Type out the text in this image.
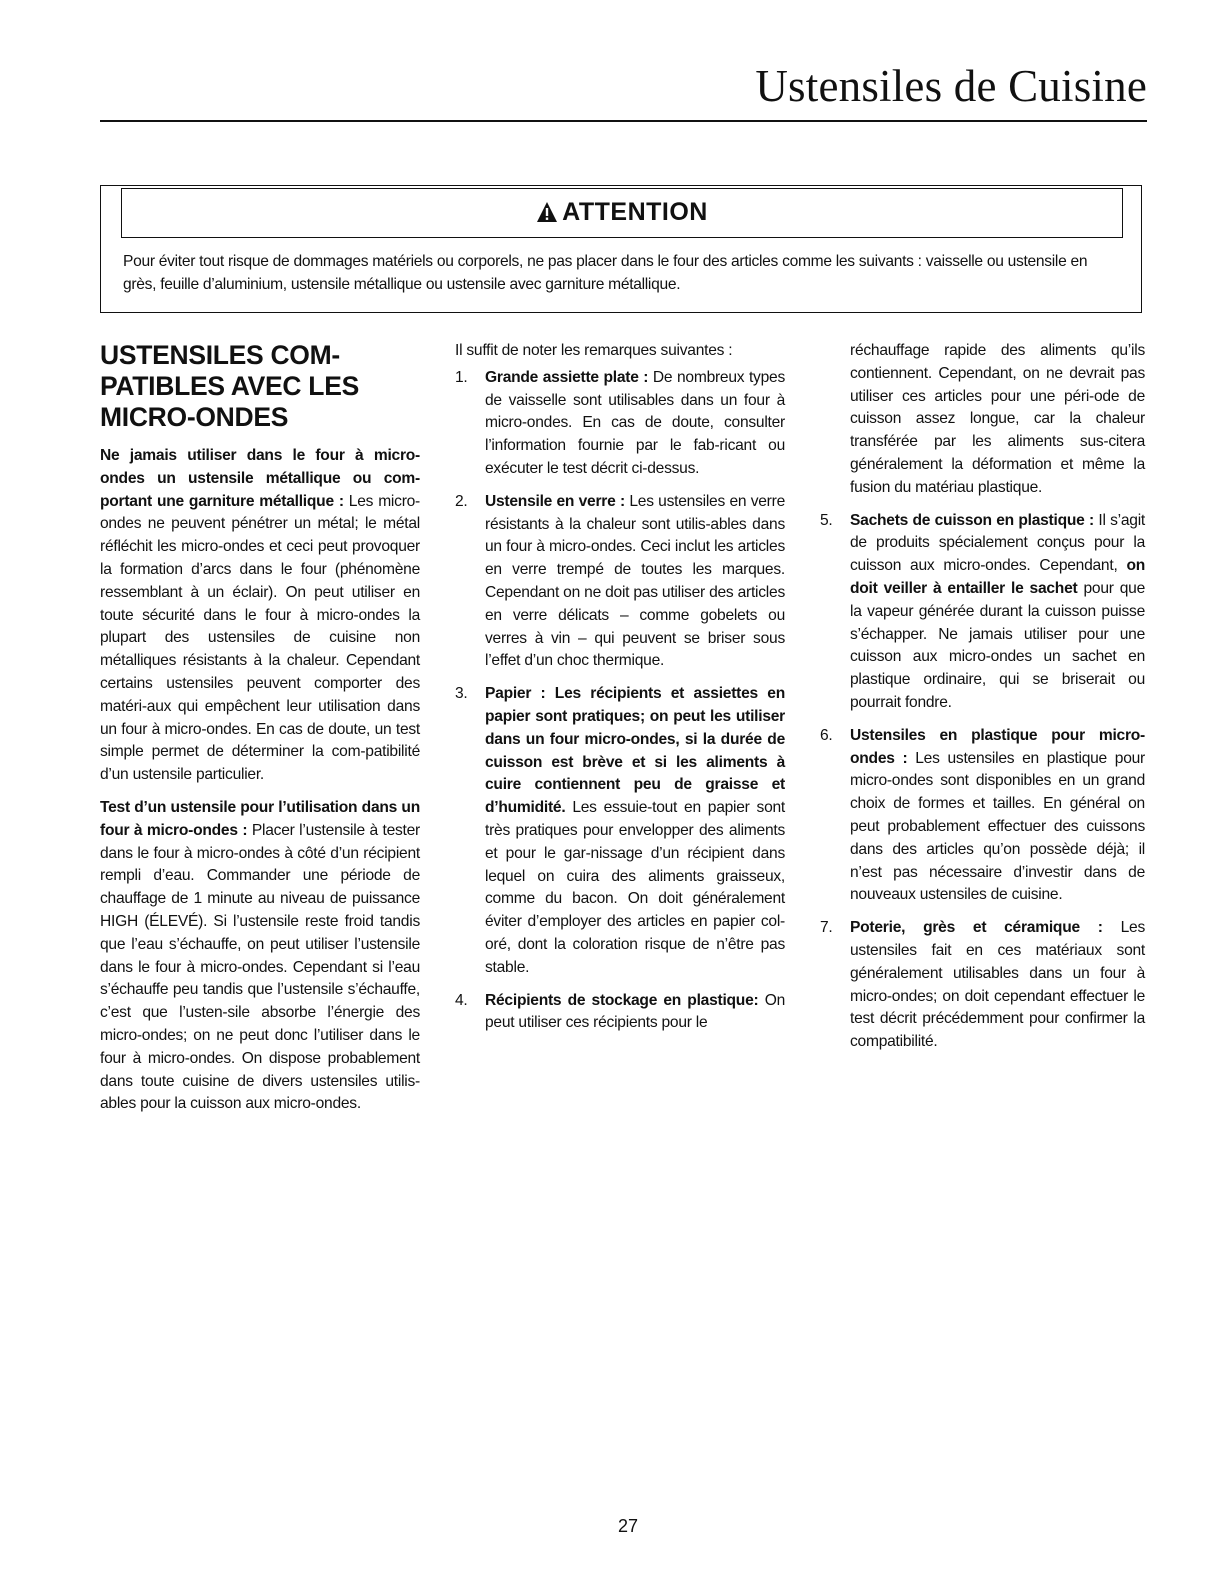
Ustensiles de Cuisine
ATTENTION
Pour éviter tout risque de dommages matériels ou corporels, ne pas placer dans le four des articles comme les suivants : vaisselle ou ustensile en grès, feuille d’aluminium, ustensile métallique ou ustensile avec garniture métallique.
USTENSILES COM-PATIBLES AVEC LES MICRO-ONDES

Ne jamais utiliser dans le four à micro-ondes un ustensile métallique ou com-portant une garniture métallique : Les micro-ondes ne peuvent pénétrer un métal; le métal réfléchit les micro-ondes et ceci peut provoquer la formation d’arcs dans le four (phénomène ressemblant à un éclair). On peut utiliser en toute sécurité dans le four à micro-ondes la plupart des ustensiles de cuisine non métalliques résistants à la chaleur. Cependant certains ustensiles peuvent comporter des matéri-aux qui empêchent leur utilisation dans un four à micro-ondes. En cas de doute, un test simple permet de déterminer la com-patibilité d’un ustensile particulier.

Test d’un ustensile pour l’utilisation dans un four à micro-ondes : Placer l’ustensile à tester dans le four à micro-ondes à côté d’un récipient rempli d’eau. Commander une période de chauffage de 1 minute au niveau de puissance HIGH (ÉLEVÉ). Si l’ustensile reste froid tandis que l’eau s’échauffe, on peut utiliser l’ustensile dans le four à micro-ondes. Cependant si l’eau s’échauffe peu tandis que l’ustensile s’échauffe, c’est que l’usten-sile absorbe l’énergie des micro-ondes; on ne peut donc l’utiliser dans le four à micro-ondes. On dispose probablement dans toute cuisine de divers ustensiles utilis-ables pour la cuisson aux micro-ondes.

Il suffit de noter les remarques suivantes :

1.	Grande assiette plate : De nombreux types de vaisselle sont utilisables dans un four à micro-ondes. En cas de doute, consulter l’information fournie par le fab-ricant ou exécuter le test décrit ci-dessus.
2.	Ustensile en verre : Les ustensiles en verre résistants à la chaleur sont utilis-ables dans un four à micro-ondes. Ceci inclut les articles en verre trempé de toutes les marques. Cependant on ne doit pas utiliser des articles en verre délicats – comme gobelets ou verres à vin – qui peuvent se briser sous l’effet d’un choc thermique.
3.	Papier : Les récipients et assiettes en papier sont pratiques; on peut les utiliser dans un four micro-ondes, si la durée de cuisson est brève et si les aliments à cuire contiennent peu de graisse et d’humidité. Les essuie-tout en papier sont très pratiques pour envelopper des aliments et pour le gar-nissage d’un récipient dans lequel on cuira des aliments graisseux, comme du bacon. On doit généralement éviter d’employer des articles en papier col-oré, dont la coloration risque de n’être pas stable.
4.	Récipients de stockage en plastique: On peut utiliser ces récipients pour le
réchauffage rapide des aliments qu’ils contiennent. Cependant, on ne devrait pas utiliser ces articles pour une péri-ode de cuisson assez longue, car la chaleur transférée par les aliments sus-citera généralement la déformation et même la fusion du matériau plastique.
5.	Sachets de cuisson en plastique : Il s’agit de produits spécialement conçus pour la cuisson aux micro-ondes. Cependant, on doit veiller à entailler le sachet pour que la vapeur générée durant la cuisson puisse s’échapper. Ne jamais utiliser pour une cuisson aux micro-ondes un sachet en plastique ordinaire, qui se briserait ou pourrait fondre.
6.	Ustensiles en plastique pour micro-ondes : Les ustensiles en plastique pour micro-ondes sont disponibles en un grand choix de formes et tailles. En général on peut probablement effectuer des cuissons dans des articles qu’on possède déjà; il n’est pas nécessaire d’investir dans de nouveaux ustensiles de cuisine.
7.	Poterie, grès et céramique : Les ustensiles fait en ces matériaux sont généralement utilisables dans un four à micro-ondes; on doit cependant effectuer le test décrit précédemment pour confirmer la compatibilité.
27
